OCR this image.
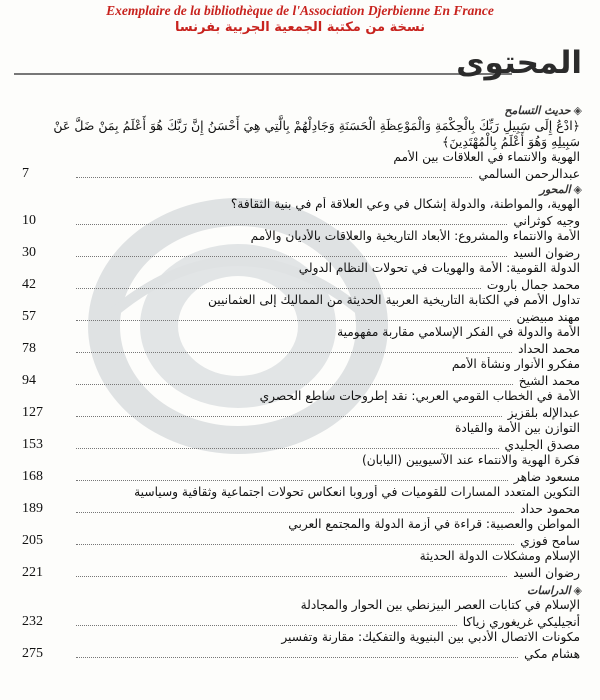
Exemplaire de la bibliothèque de l'Association Djerbienne En France
نسخة من مكتبة الجمعية الجربية بفرنسا
المحتوى
◈حديث التسامح
﴿ادْعُ إِلَى سَبِيلِ رَبِّكَ بِالْحِكْمَةِ وَالْمَوْعِظَةِ الْحَسَنَةِ وَجَادِلْهُمْ بِالَّتِي هِيَ أَحْسَنُ إِنَّ رَبَّكَ هُوَ أَعْلَمُ بِمَنْ ضَلَّ عَنْ سَبِيلِهِ وَهُوَ أَعْلَمُ بِالْمُهْتَدِينَ﴾
الهوية والانتماء في العلاقات بين الأمم
عبدالرحمن السالمي
7
◈المحور
الهوية، والمواطنة، والدولة إشكال في وعي العلاقة أم في بنية الثقافة؟
وجيه كوثراني
10
الأمة والانتماء والمشروع: الأبعاد التاريخية والعلاقات بالأديان والأمم
رضوان السيد
30
الدولة القومية: الأمة والهويات في تحولات النظام الدولي
محمد جمال باروت
42
تداول الأمم في الكتابة التاريخية العربية الحديثة من المماليك إلى العثمانيين
مهند مبيضين
57
الأمة والدولة في الفكر الإسلامي مقاربة مفهومية
محمد الحداد
78
مفكرو الأنوار ونشأة الأمم
محمد الشيخ
94
الأمة في الخطاب القومي العربي: نقد إطروحات ساطع الحصري
عبدالإله بلقزيز
127
التوازن بين الأمة والقيادة
مصدق الجليدي
153
فكرة الهوية والانتماء عند الآسيويين (اليابان)
مسعود ضاهر
168
التكوين المتعدد المسارات للقوميات في أوروبا انعكاس تحولات اجتماعية وثقافية وسياسية
محمود حداد
189
المواطن والعصبية: قراءة في أزمة الدولة والمجتمع العربي
سامح فوزي
205
الإسلام ومشكلات الدولة الحديثة
رضوان السيد
221
◈الدراسات
الإسلام في كتابات العصر البيزنطي بين الحوار والمجادلة
أنجيليكي غريغوري زياكا
232
مكونات الاتصال الأدبي بين البنيوية والتفكيك: مقارنة وتفسير
هشام مكي
275
